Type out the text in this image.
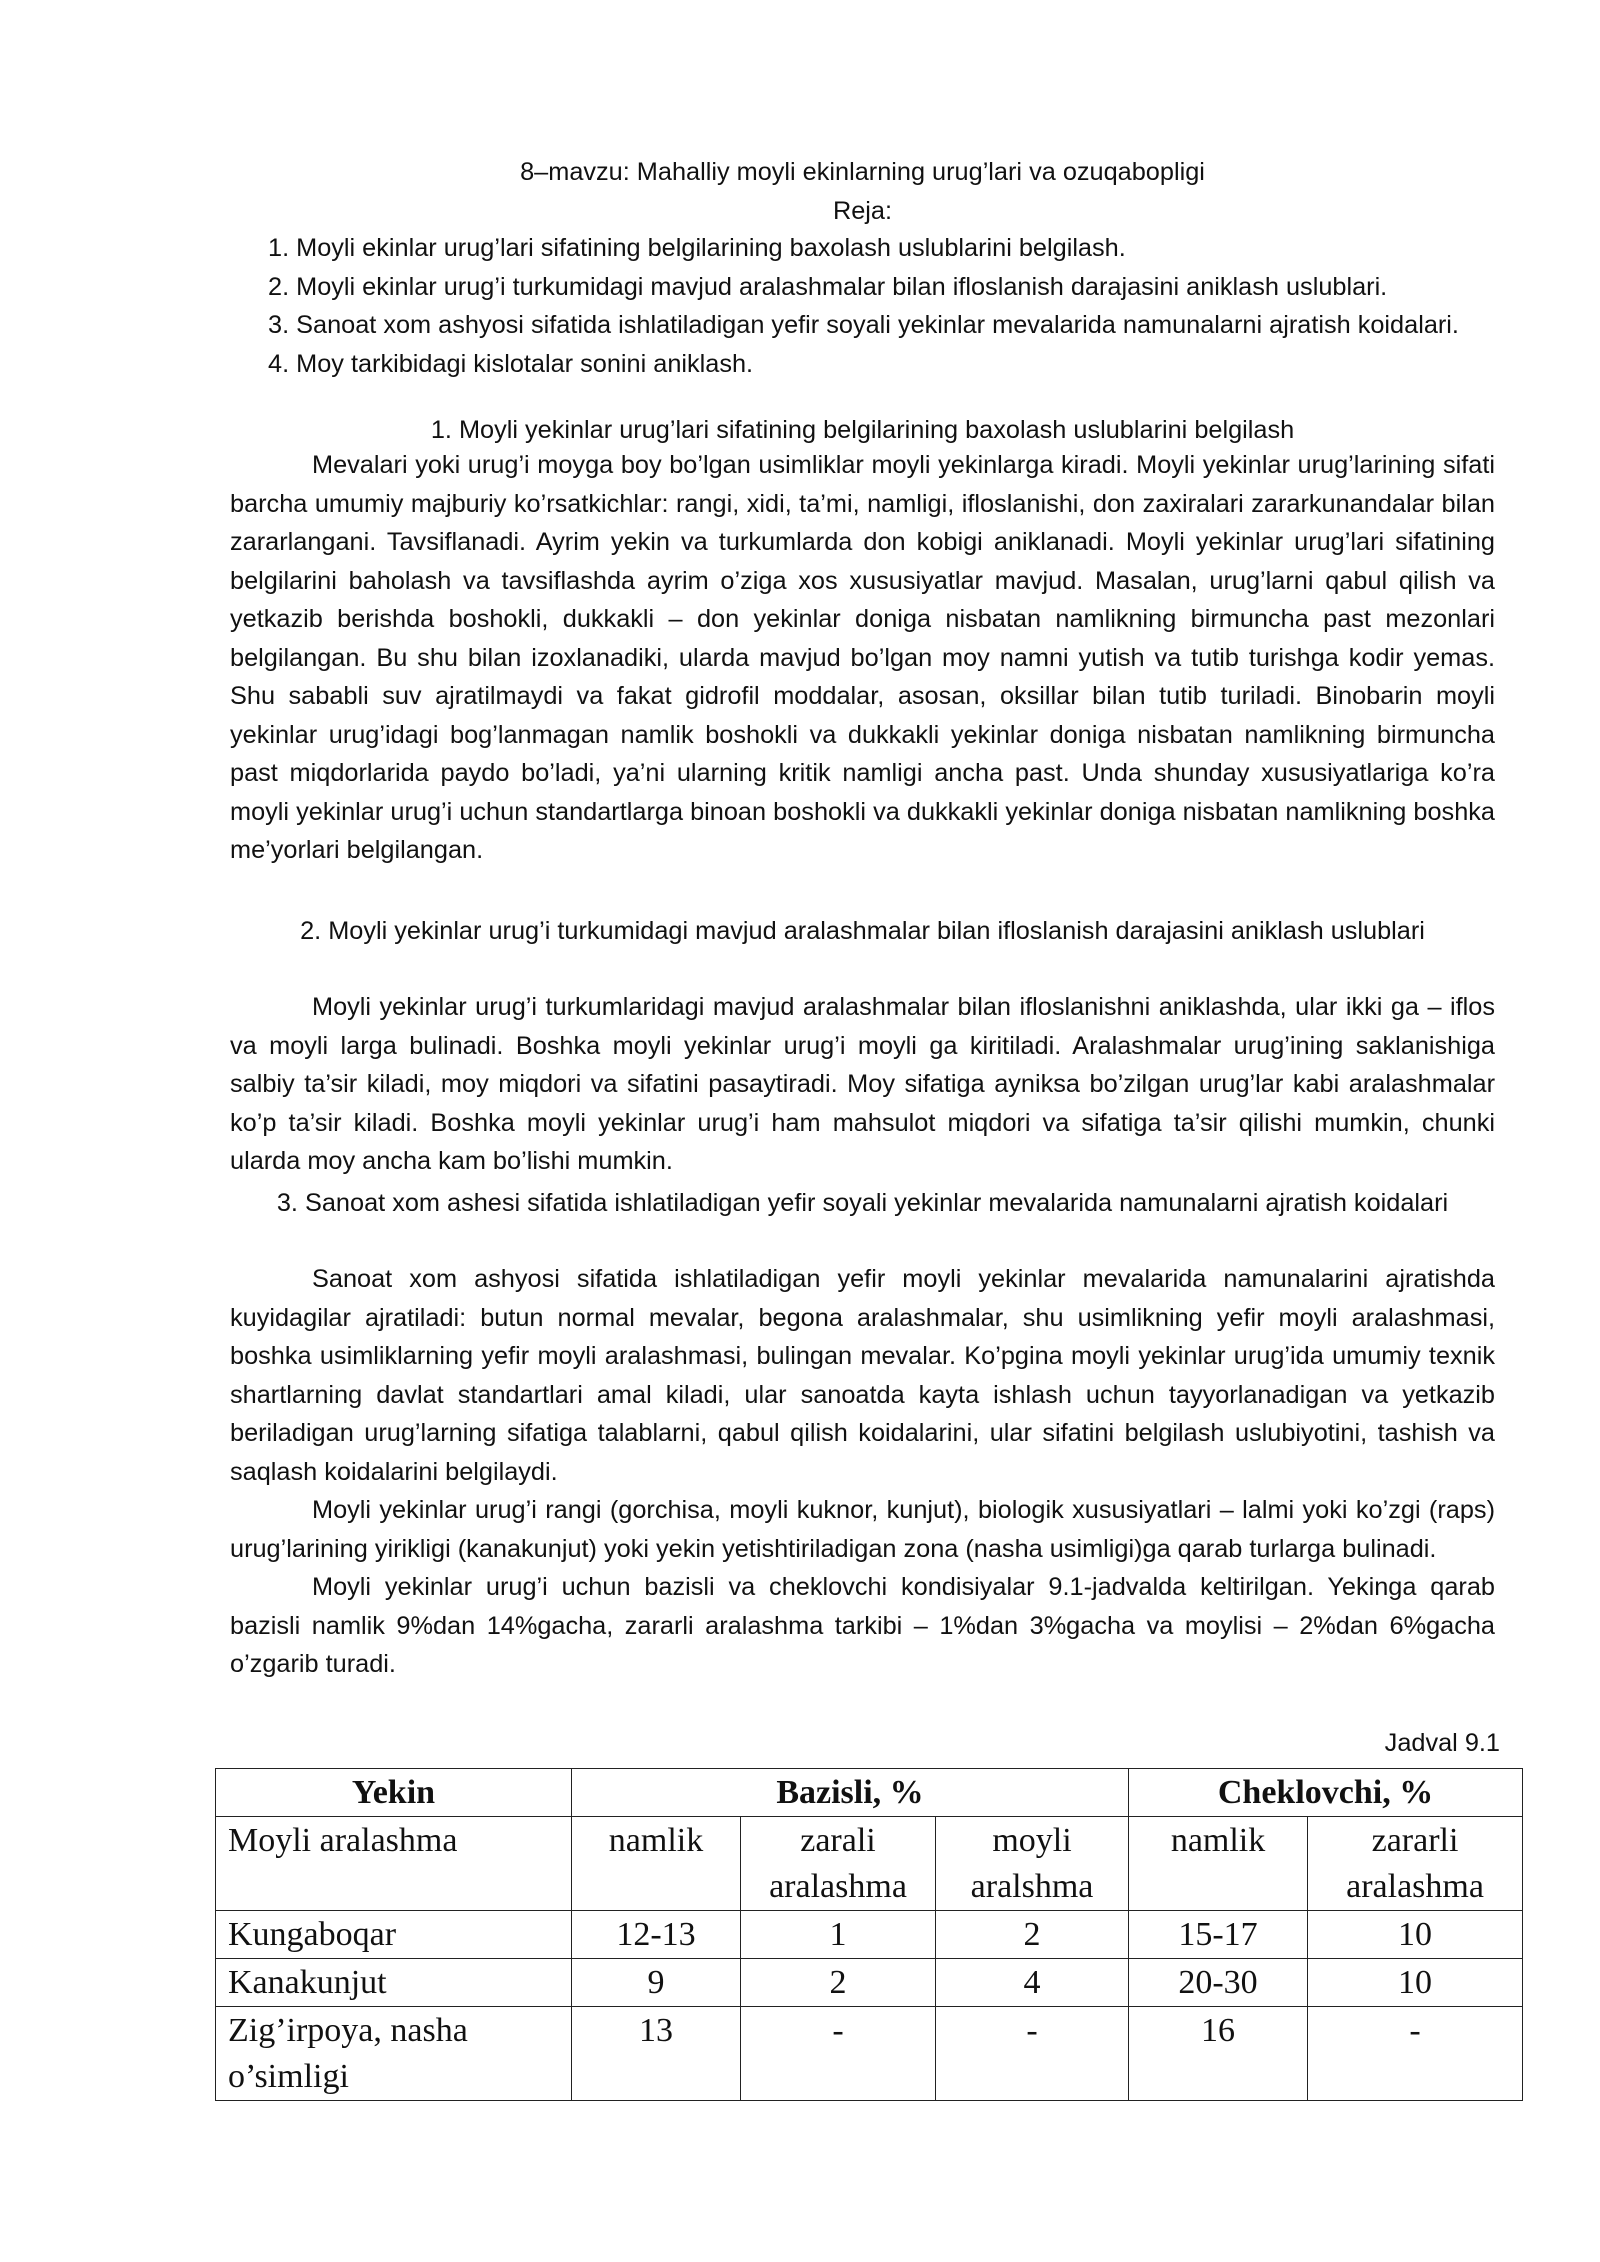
8–mavzu: Mahalliy moyli ekinlarning urug’lari va ozuqabopligi
Reja:
1. Moyli ekinlar urug’lari sifatining belgilarining baxolash uslublarini belgilash.
2. Moyli ekinlar urug’i turkumidagi mavjud aralashmalar bilan ifloslanish darajasini aniklash uslublari.
3. Sanoat xom ashyosi sifatida ishlatiladigan yefir soyali yekinlar mevalarida namunalarni ajratish koidalari.
4. Moy tarkibidagi kislotalar sonini aniklash.
1. Moyli yekinlar urug’lari sifatining belgilarining baxolash uslublarini belgilash
Mevalari yoki urug’i moyga boy bo’lgan usimliklar moyli yekinlarga kiradi. Moyli yekinlar urug’larining sifati barcha umumiy majburiy ko’rsatkichlar: rangi, xidi, ta’mi, namligi, ifloslanishi, don zaxiralari zararkunandalar bilan zararlangani. Tavsiflanadi. Ayrim yekin va turkumlarda don kobigi aniklanadi. Moyli yekinlar urug’lari sifatining belgilarini baholash va tavsiflashda ayrim o’ziga xos xususiyatlar mavjud. Masalan, urug’larni qabul qilish va yetkazib berishda boshokli, dukkakli – don yekinlar doniga nisbatan namlikning birmuncha past mezonlari belgilangan. Bu shu bilan izoxlanadiki, ularda mavjud bo’lgan moy namni yutish va tutib turishga kodir yemas. Shu sababli suv ajratilmaydi va fakat gidrofil moddalar, asosan, oksillar bilan tutib turiladi. Binobarin moyli yekinlar urug’idagi bog’lanmagan namlik boshokli va dukkakli yekinlar doniga nisbatan namlikning birmuncha past miqdorlarida paydo bo’ladi, ya’ni ularning kritik namligi ancha past. Unda shunday xususiyatlariga ko’ra moyli yekinlar urug’i uchun standartlarga binoan boshokli va dukkakli yekinlar doniga nisbatan namlikning boshka me’yorlari belgilangan.
2. Moyli yekinlar urug’i turkumidagi mavjud aralashmalar bilan ifloslanish darajasini aniklash uslublari
Moyli yekinlar urug’i turkumlaridagi mavjud aralashmalar bilan ifloslanishni aniklashda, ular ikki ga – iflos va moyli larga bulinadi. Boshka moyli yekinlar urug’i moyli ga kiritiladi. Aralashmalar urug’ining saklanishiga salbiy ta’sir kiladi, moy miqdori va sifatini pasaytiradi. Moy sifatiga ayniksa bo’zilgan urug’lar kabi aralashmalar ko’p ta’sir kiladi. Boshka moyli yekinlar urug’i ham mahsulot miqdori va sifatiga ta’sir qilishi mumkin, chunki ularda moy ancha kam bo’lishi mumkin.
3. Sanoat xom ashesi sifatida ishlatiladigan yefir soyali yekinlar mevalarida namunalarni ajratish koidalari
Sanoat xom ashyosi sifatida ishlatiladigan yefir moyli yekinlar mevalarida namunalarini ajratishda kuyidagilar ajratiladi: butun normal mevalar, begona aralashmalar, shu usimlikning yefir moyli aralashmasi, boshka usimliklarning yefir moyli aralashmasi, bulingan mevalar. Ko’pgina moyli yekinlar urug’ida umumiy texnik shartlarning davlat standartlari amal kiladi, ular sanoatda kayta ishlash uchun tayyorlanadigan va yetkazib beriladigan urug’larning sifatiga talablarni, qabul qilish koidalarini, ular sifatini belgilash uslubiyotini, tashish va saqlash koidalarini belgilaydi.
Moyli yekinlar urug’i rangi (gorchisa, moyli kuknor, kunjut), biologik xususiyatlari – lalmi yoki ko’zgi (raps) urug’larining yirikligi (kanakunjut) yoki yekin yetishtiriladigan zona (nasha usimligi)ga qarab turlarga bulinadi.
Moyli yekinlar urug’i uchun bazisli va cheklovchi kondisiyalar 9.1-jadvalda keltirilgan. Yekinga qarab bazisli namlik 9%dan 14%gacha, zararli aralashma tarkibi – 1%dan 3%gacha va moylisi – 2%dan 6%gacha o’zgarib turadi.
Jadval 9.1
Yekin	Bazisli, %			Cheklovchi, %	
Moyli aralashma	namlik	zarali aralashma	moyli aralshma	namlik	zararli aralashma
Kungaboqar	12-13	1	2	15-17	10
Kanakunjut	9	2	4	20-30	10
Zig’irpoya, nasha o’simligi	13	-	-	16	-
